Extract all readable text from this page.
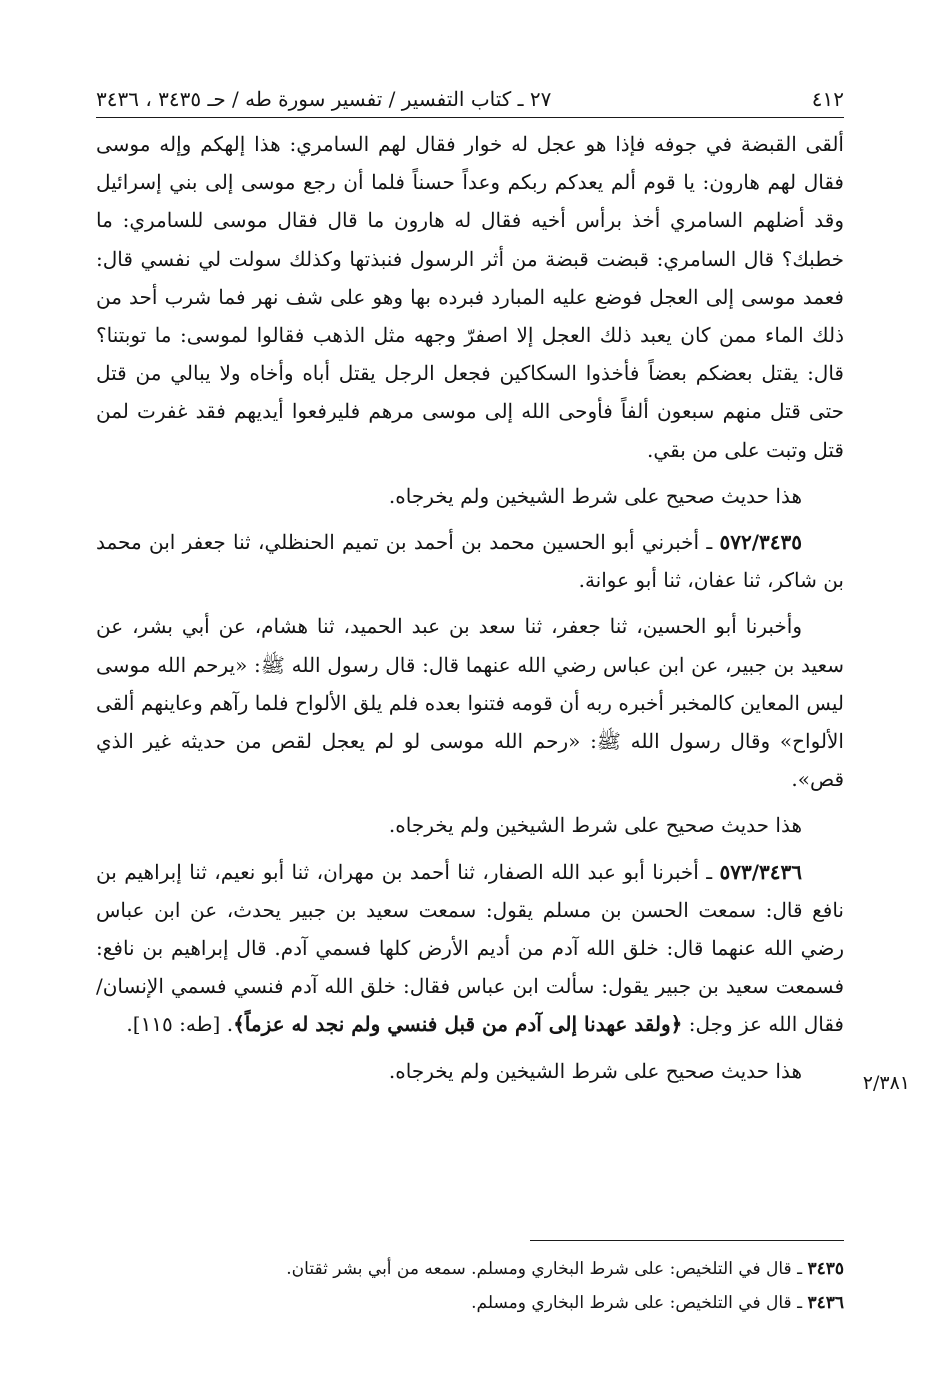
٤١٢
٢٧ ـ كتاب التفسير / تفسير سورة طه / حـ ٣٤٣٥ ، ٣٤٣٦

ألقى القبضة في جوفه فإذا هو عجل له خوار فقال لهم السامري: هذا إلهكم وإله موسى فقال لهم هارون: يا قوم ألم يعدكم ربكم وعداً حسناً فلما أن رجع موسى إلى بني إسرائيل وقد أضلهم السامري أخذ برأس أخيه فقال له هارون ما قال فقال موسى للسامري: ما خطبك؟ قال السامري: قبضت قبضة من أثر الرسول فنبذتها وكذلك سولت لي نفسي قال: فعمد موسى إلى العجل فوضع عليه المبارد فبرده بها وهو على شف نهر فما شرب أحد من ذلك الماء ممن كان يعبد ذلك العجل إلا اصفرّ وجهه مثل الذهب فقالوا لموسى: ما توبتنا؟ قال: يقتل بعضكم بعضاً فأخذوا السكاكين فجعل الرجل يقتل أباه وأخاه ولا يبالي من قتل حتى قتل منهم سبعون ألفاً فأوحى الله إلى موسى مرهم فليرفعوا أيديهم فقد غفرت لمن قتل وتبت على من بقي.

هذا حديث صحيح على شرط الشيخين ولم يخرجاه.

٥٧٢/٣٤٣٥ ـ أخبرني أبو الحسين محمد بن أحمد بن تميم الحنظلي، ثنا جعفر ابن محمد بن شاكر، ثنا عفان، ثنا أبو عوانة.

وأخبرنا أبو الحسين، ثنا جعفر، ثنا سعد بن عبد الحميد، ثنا هشام، عن أبي بشر، عن سعيد بن جبير، عن ابن عباس رضي الله عنهما قال: قال رسول الله ﷺ: «يرحم الله موسى ليس المعاين كالمخبر أخبره ربه أن قومه فتنوا بعده فلم يلق الألواح فلما رآهم وعاينهم ألقى الألواح» وقال رسول الله ﷺ: «رحم الله موسى لو لم يعجل لقص من حديثه غير الذي قص».

هذا حديث صحيح على شرط الشيخين ولم يخرجاه.

٥٧٣/٣٤٣٦ ـ أخبرنا أبو عبد الله الصفار، ثنا أحمد بن مهران، ثنا أبو نعيم، ثنا إبراهيم بن نافع قال: سمعت الحسن بن مسلم يقول: سمعت سعيد بن جبير يحدث، عن ابن عباس رضي الله عنهما قال: خلق الله آدم من أديم الأرض كلها فسمي آدم. قال إبراهيم بن نافع: فسمعت سعيد بن جبير يقول: سألت ابن عباس فقال: خلق الله آدم فنسي فسمي الإنسان/ فقال الله عز وجل: ﴿ولقد عهدنا إلى آدم من قبل فنسي ولم نجد له عزماً﴾. [طه: ١١٥].

هذا حديث صحيح على شرط الشيخين ولم يخرجاه.

٢/٣٨١

٣٤٣٥ ـ قال في التلخيص: على شرط البخاري ومسلم. سمعه من أبي بشر ثقتان.

٣٤٣٦ ـ قال في التلخيص: على شرط البخاري ومسلم.
